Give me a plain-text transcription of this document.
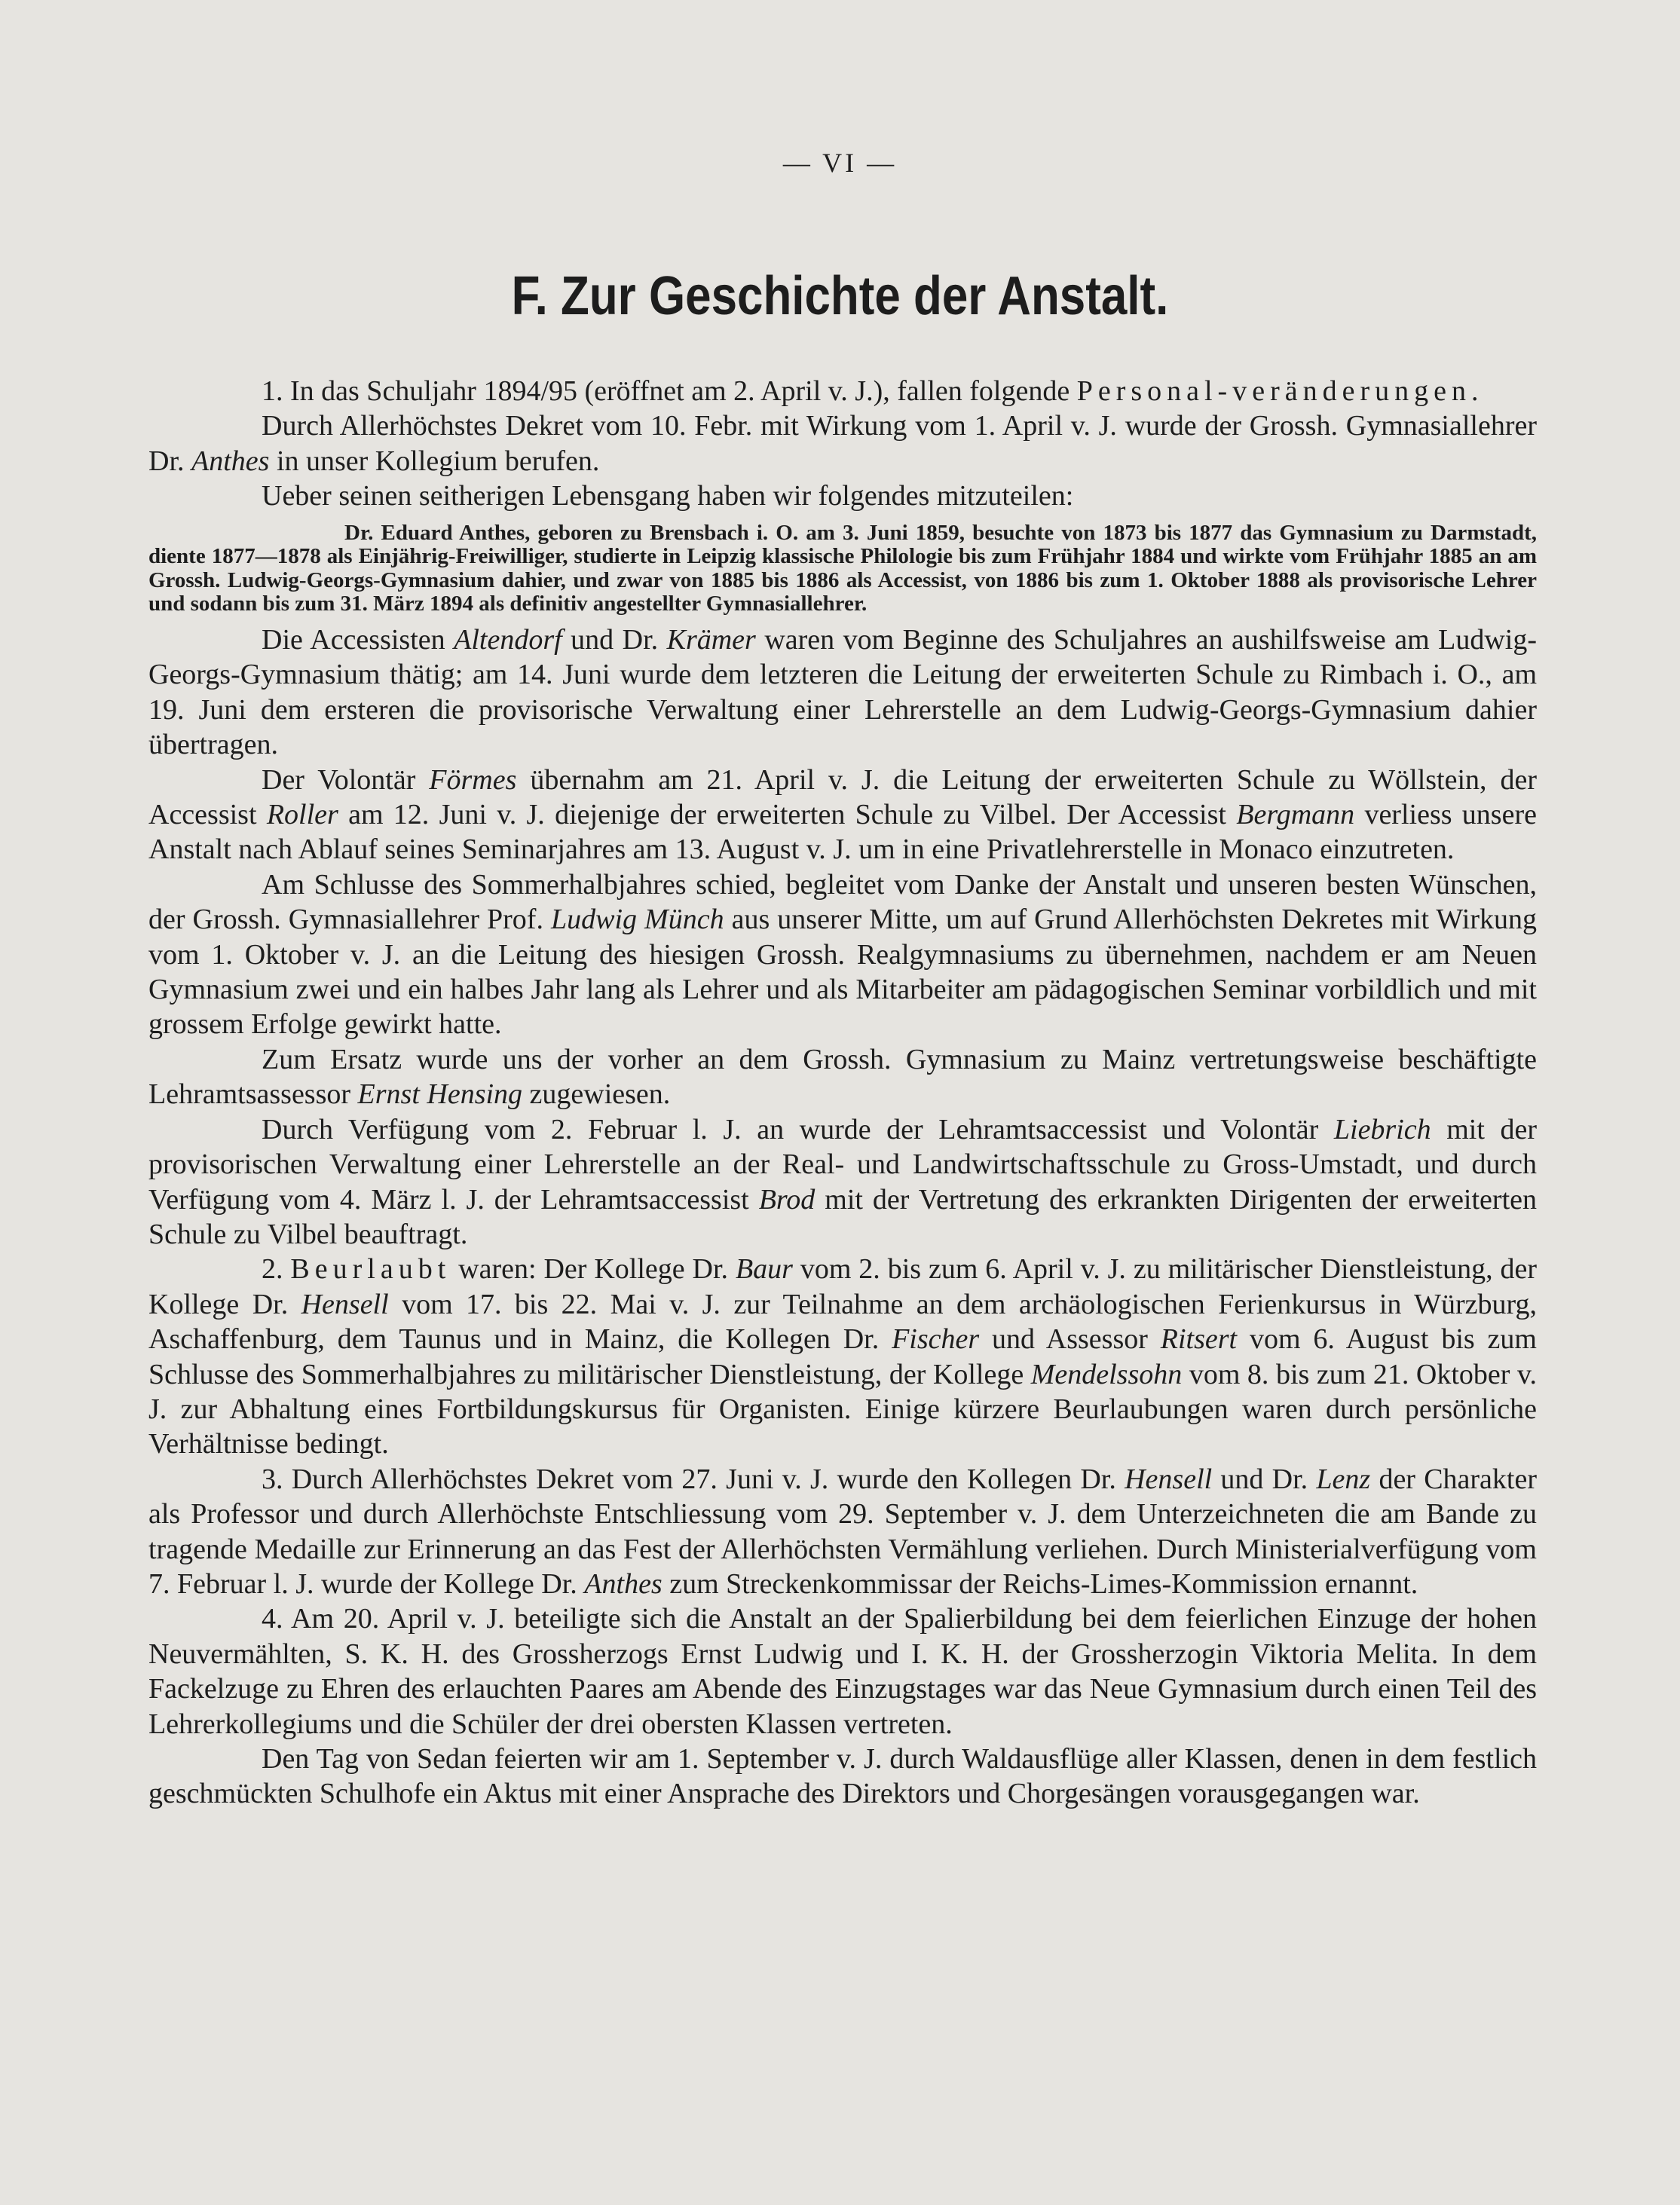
— VI —
F. Zur Geschichte der Anstalt.

1. In das Schuljahr 1894/95 (eröffnet am 2. April v. J.), fallen folgende Personal-veränderungen.

Durch Allerhöchstes Dekret vom 10. Febr. mit Wirkung vom 1. April v. J. wurde der Grossh. Gymnasiallehrer Dr. Anthes in unser Kollegium berufen.

Ueber seinen seitherigen Lebensgang haben wir folgendes mitzuteilen:

Dr. Eduard Anthes, geboren zu Brensbach i. O. am 3. Juni 1859, besuchte von 1873 bis 1877 das Gymnasium zu Darmstadt, diente 1877—1878 als Einjährig-Freiwilliger, studierte in Leipzig klassische Philologie bis zum Frühjahr 1884 und wirkte vom Frühjahr 1885 an am Grossh. Ludwig-Georgs-Gymnasium dahier, und zwar von 1885 bis 1886 als Accessist, von 1886 bis zum 1. Oktober 1888 als provisorische Lehrer und sodann bis zum 31. März 1894 als definitiv angestellter Gymnasiallehrer.

Die Accessisten Altendorf und Dr. Krämer waren vom Beginne des Schuljahres an aushilfsweise am Ludwig-Georgs-Gymnasium thätig; am 14. Juni wurde dem letzteren die Leitung der erweiterten Schule zu Rimbach i. O., am 19. Juni dem ersteren die provisorische Verwaltung einer Lehrerstelle an dem Ludwig-Georgs-Gymnasium dahier übertragen.

Der Volontär Förmes übernahm am 21. April v. J. die Leitung der erweiterten Schule zu Wöllstein, der Accessist Roller am 12. Juni v. J. diejenige der erweiterten Schule zu Vilbel. Der Accessist Bergmann verliess unsere Anstalt nach Ablauf seines Seminarjahres am 13. August v. J. um in eine Privatlehrerstelle in Monaco einzutreten.

Am Schlusse des Sommerhalbjahres schied, begleitet vom Danke der Anstalt und unseren besten Wünschen, der Grossh. Gymnasiallehrer Prof. Ludwig Münch aus unserer Mitte, um auf Grund Allerhöchsten Dekretes mit Wirkung vom 1. Oktober v. J. an die Leitung des hiesigen Grossh. Realgymnasiums zu übernehmen, nachdem er am Neuen Gymnasium zwei und ein halbes Jahr lang als Lehrer und als Mitarbeiter am pädagogischen Seminar vorbildlich und mit grossem Erfolge gewirkt hatte.

Zum Ersatz wurde uns der vorher an dem Grossh. Gymnasium zu Mainz vertretungsweise beschäftigte Lehramtsassessor Ernst Hensing zugewiesen.

Durch Verfügung vom 2. Februar l. J. an wurde der Lehramtsaccessist und Volontär Liebrich mit der provisorischen Verwaltung einer Lehrerstelle an der Real- und Landwirtschaftsschule zu Gross-Umstadt, und durch Verfügung vom 4. März l. J. der Lehramtsaccessist Brod mit der Vertretung des erkrankten Dirigenten der erweiterten Schule zu Vilbel beauftragt.

2. Beurlaubt waren: Der Kollege Dr. Baur vom 2. bis zum 6. April v. J. zu militärischer Dienstleistung, der Kollege Dr. Hensell vom 17. bis 22. Mai v. J. zur Teilnahme an dem archäologischen Ferienkursus in Würzburg, Aschaffenburg, dem Taunus und in Mainz, die Kollegen Dr. Fischer und Assessor Ritsert vom 6. August bis zum Schlusse des Sommerhalbjahres zu militärischer Dienstleistung, der Kollege Mendelssohn vom 8. bis zum 21. Oktober v. J. zur Abhaltung eines Fortbildungskursus für Organisten. Einige kürzere Beurlaubungen waren durch persönliche Verhältnisse bedingt.

3. Durch Allerhöchstes Dekret vom 27. Juni v. J. wurde den Kollegen Dr. Hensell und Dr. Lenz der Charakter als Professor und durch Allerhöchste Entschliessung vom 29. September v. J. dem Unterzeichneten die am Bande zu tragende Medaille zur Erinnerung an das Fest der Allerhöchsten Vermählung verliehen. Durch Ministerialverfügung vom 7. Februar l. J. wurde der Kollege Dr. Anthes zum Streckenkommissar der Reichs-Limes-Kommission ernannt.

4. Am 20. April v. J. beteiligte sich die Anstalt an der Spalierbildung bei dem feierlichen Einzuge der hohen Neuvermählten, S. K. H. des Grossherzogs Ernst Ludwig und I. K. H. der Grossherzogin Viktoria Melita. In dem Fackelzuge zu Ehren des erlauchten Paares am Abende des Einzugstages war das Neue Gymnasium durch einen Teil des Lehrerkollegiums und die Schüler der drei obersten Klassen vertreten.

Den Tag von Sedan feierten wir am 1. September v. J. durch Waldausflüge aller Klassen, denen in dem festlich geschmückten Schulhofe ein Aktus mit einer Ansprache des Direktors und Chorgesängen vorausgegangen war.
